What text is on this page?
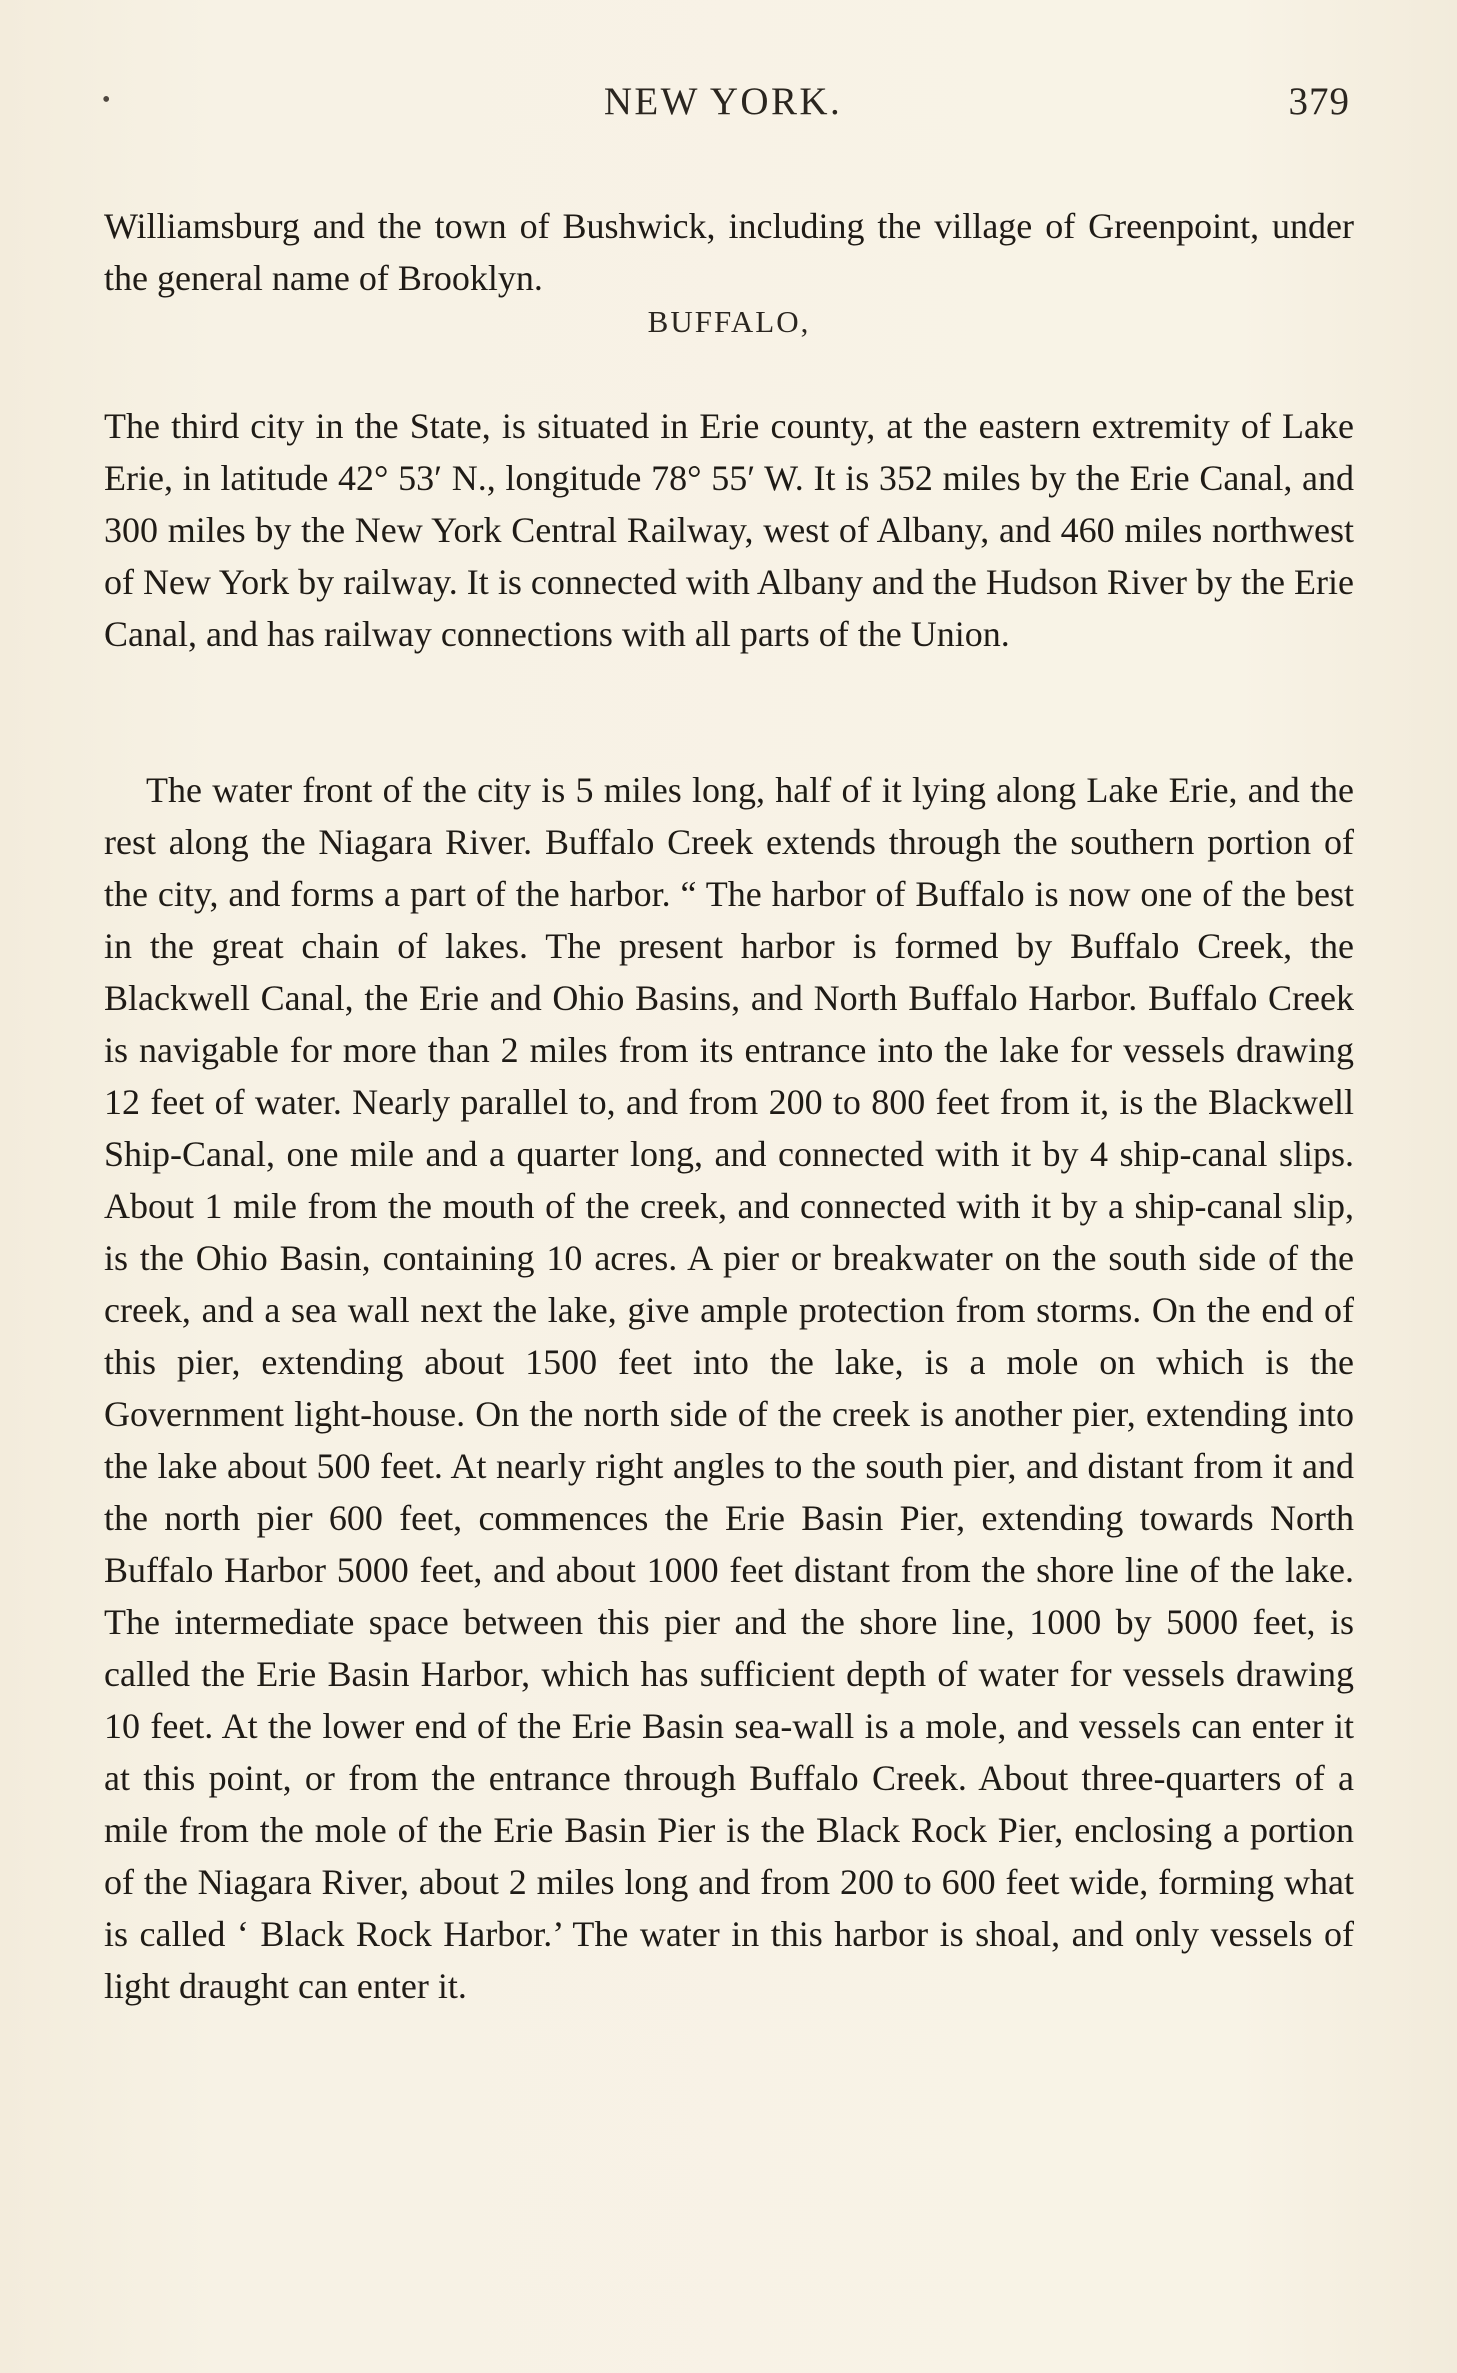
•	NEW YORK.	379

Williamsburg and the town of Bushwick, including the village of Greenpoint, under the general name of Brooklyn.

BUFFALO,

The third city in the State, is situated in Erie county, at the eastern extremity of Lake Erie, in latitude 42° 53′ N., longitude 78° 55′ W. It is 352 miles by the Erie Canal, and 300 miles by the New York Central Railway, west of Albany, and 460 miles northwest of New York by railway. It is connected with Albany and the Hudson River by the Erie Canal, and has railway connections with all parts of the Union.

The water front of the city is 5 miles long, half of it lying along Lake Erie, and the rest along the Niagara River. Buffalo Creek extends through the southern portion of the city, and forms a part of the harbor. “ The harbor of Buffalo is now one of the best in the great chain of lakes. The present harbor is formed by Buffalo Creek, the Blackwell Canal, the Erie and Ohio Basins, and North Buffalo Harbor. Buffalo Creek is navigable for more than 2 miles from its entrance into the lake for vessels drawing 12 feet of water. Nearly parallel to, and from 200 to 800 feet from it, is the Blackwell Ship-Canal, one mile and a quarter long, and connected with it by 4 ship-canal slips. About 1 mile from the mouth of the creek, and connected with it by a ship-canal slip, is the Ohio Basin, containing 10 acres. A pier or breakwater on the south side of the creek, and a sea wall next the lake, give ample protection from storms. On the end of this pier, extending about 1500 feet into the lake, is a mole on which is the Government light-house. On the north side of the creek is another pier, extending into the lake about 500 feet. At nearly right angles to the south pier, and distant from it and the north pier 600 feet, commences the Erie Basin Pier, extending towards North Buffalo Harbor 5000 feet, and about 1000 feet distant from the shore line of the lake. The intermediate space between this pier and the shore line, 1000 by 5000 feet, is called the Erie Basin Harbor, which has sufficient depth of water for vessels drawing 10 feet. At the lower end of the Erie Basin sea-wall is a mole, and vessels can enter it at this point, or from the entrance through Buffalo Creek. About three-quarters of a mile from the mole of the Erie Basin Pier is the Black Rock Pier, enclosing a portion of the Niagara River, about 2 miles long and from 200 to 600 feet wide, forming what is called ‘ Black Rock Harbor.’ The water in this harbor is shoal, and only vessels of light draught can enter it.
